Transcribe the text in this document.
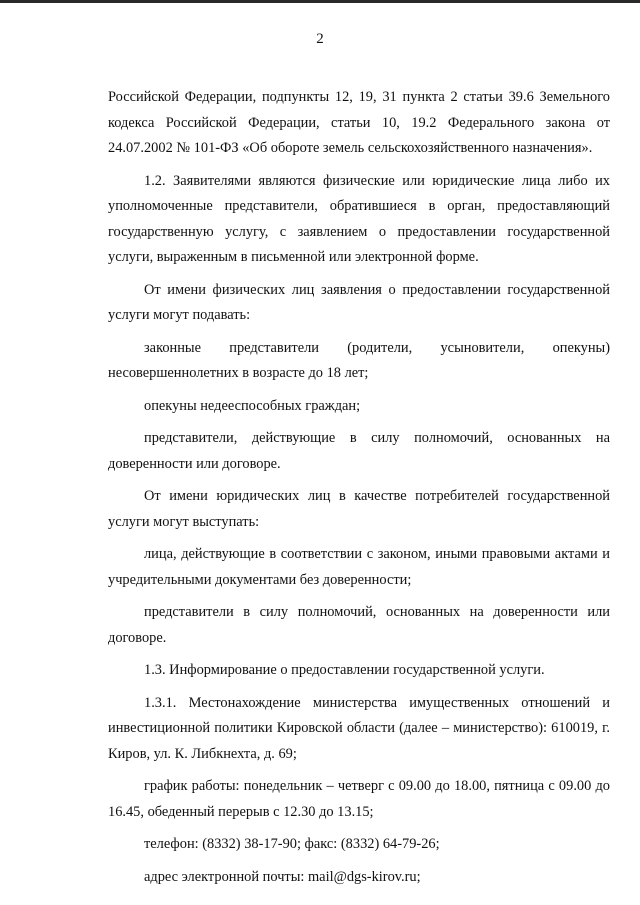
2

Российской Федерации, подпункты 12, 19, 31 пункта 2 статьи 39.6 Земельного кодекса Российской Федерации, статьи 10, 19.2 Федерального закона от 24.07.2002 № 101-ФЗ «Об обороте земель сельскохозяйственного назначения».

1.2. Заявителями являются физические или юридические лица либо их уполномоченные представители, обратившиеся в орган, предоставляющий государственную услугу, с заявлением о предоставлении государственной услуги, выраженным в письменной или электронной форме.

От имени физических лиц заявления о предоставлении государственной услуги могут подавать:

законные представители (родители, усыновители, опекуны) несовершеннолетних в возрасте до 18 лет;

опекуны недееспособных граждан;

представители, действующие в силу полномочий, основанных на доверенности или договоре.

От имени юридических лиц в качестве потребителей государственной услуги могут выступать:

лица, действующие в соответствии с законом, иными правовыми актами и учредительными документами без доверенности;

представители в силу полномочий, основанных на доверенности или договоре.

1.3. Информирование о предоставлении государственной услуги.

1.3.1. Местонахождение министерства имущественных отношений и инвестиционной политики Кировской области (далее – министерство): 610019, г. Киров, ул. К. Либкнехта, д. 69;

график работы: понедельник – четверг с 09.00 до 18.00, пятница с 09.00 до 16.45, обеденный перерыв с 12.30 до 13.15;

телефон: (8332) 38-17-90; факс: (8332) 64-79-26;

адрес электронной почты: mail@dgs-kirov.ru;
